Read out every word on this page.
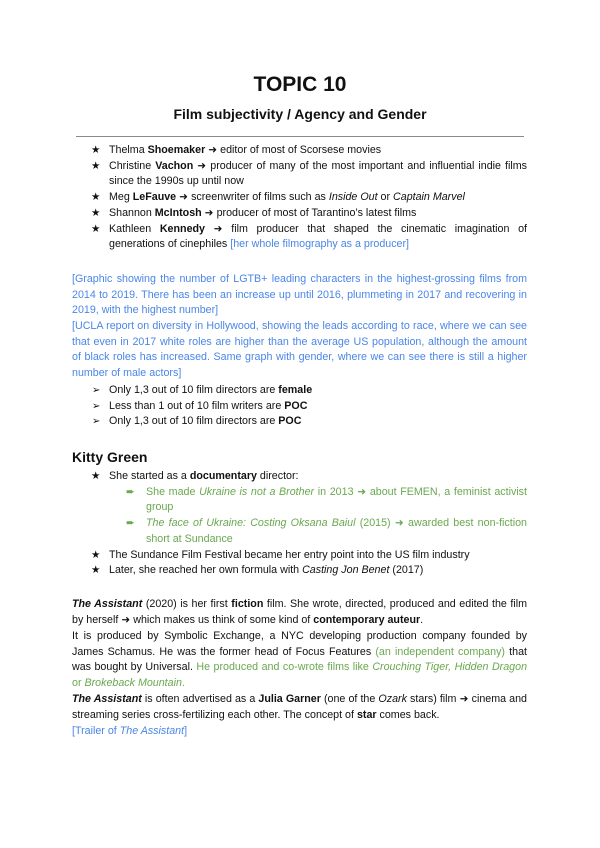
TOPIC 10
Film subjectivity / Agency and Gender
★ Thelma Shoemaker ➜ editor of most of Scorsese movies
★ Christine Vachon ➜ producer of many of the most important and influential indie films since the 1990s up until now
★ Meg LeFauve ➜ screenwriter of films such as Inside Out or Captain Marvel
★ Shannon McIntosh ➜ producer of most of Tarantino’s latest films
★ Kathleen Kennedy ➜ film producer that shaped the cinematic imagination of generations of cinephiles [her whole filmography as a producer]
[Graphic showing the number of LGTB+ leading characters in the highest-grossing films from 2014 to 2019. There has been an increase up until 2016, plummeting in 2017 and recovering in 2019, with the highest number]
[UCLA report on diversity in Hollywood, showing the leads according to race, where we can see that even in 2017 white roles are higher than the average US population, although the amount of black roles has increased. Same graph with gender, where we can see there is still a higher number of male actors]
➢ Only 1,3 out of 10 film directors are female
➢ Less than 1 out of 10 film writers are POC
➢ Only 1,3 out of 10 film directors are POC
Kitty Green
★ She started as a documentary director:
➨ She made Ukraine is not a Brother in 2013 ➜ about FEMEN, a feminist activist group
➨ The face of Ukraine: Costing Oksana Baiul (2015) ➜ awarded best non-fiction short at Sundance
★ The Sundance Film Festival became her entry point into the US film industry
★ Later, she reached her own formula with Casting Jon Benet (2017)
The Assistant (2020) is her first fiction film. She wrote, directed, produced and edited the film by herself ➜ which makes us think of some kind of contemporary auteur.
It is produced by Symbolic Exchange, a NYC developing production company founded by James Schamus. He was the former head of Focus Features (an independent company) that was bought by Universal. He produced and co-wrote films like Crouching Tiger, Hidden Dragon or Brokeback Mountain.
The Assistant is often advertised as a Julia Garner (one of the Ozark stars) film ➜ cinema and streaming series cross-fertilizing each other. The concept of star comes back.
[Trailer of The Assistant]
